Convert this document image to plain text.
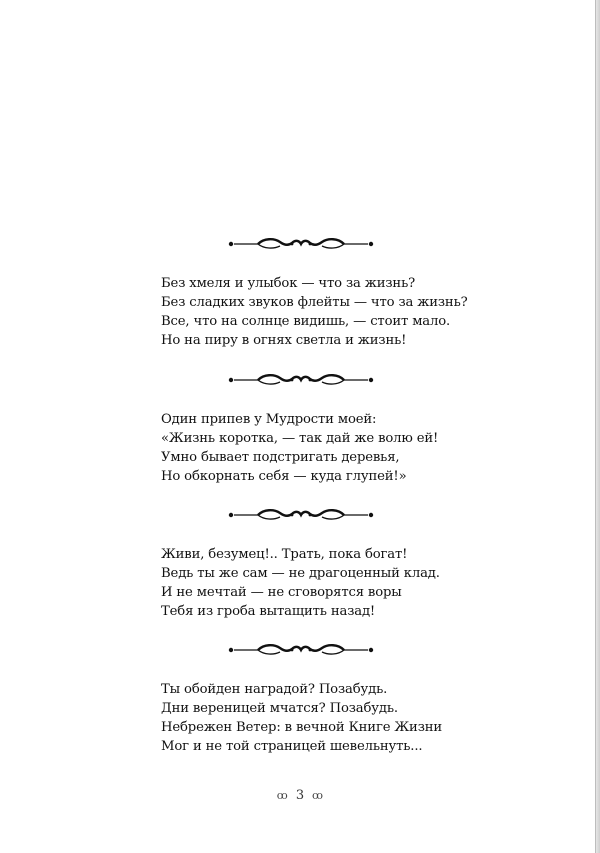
Без хмеля и улыбок — что за жизнь?
Без сладких звуков флейты — что за жизнь?
Все, что на солнце видишь, — стоит мало.
Но на пиру в огнях светла и жизнь!
Один припев у Мудрости моей:
«Жизнь коротка, — так дай же волю ей!
Умно бывает подстригать деревья,
Но обкорнать себя — куда глупей!»
Живи, безумец!.. Трать, пока богат!
Ведь ты же сам — не драгоценный клад.
И не мечтай — не сговорятся воры
Тебя из гроба вытащить назад!
Ты обойден наградой? Позабудь.
Дни вереницей мчатся? Позабудь.
Небрежен Ветер: в вечной Книге Жизни
Мог и не той страницей шевельнуть...
ꝏ 3 ꝏ
